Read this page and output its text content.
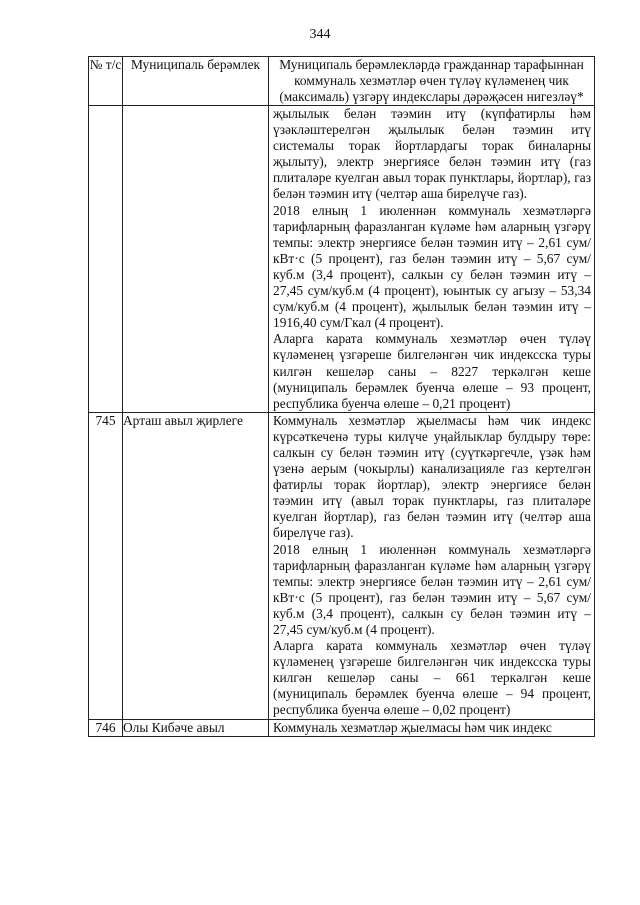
344
№ т/с	Муниципаль берәмлек	Муниципаль берәмлекләрдә гражданнар тарафыннан коммуналь хезмәтләр өчен түләү күләменең чик (максималь) үзгәрү индекслары дәрәҗәсен нигезләү*

		җылылык белән тәэмин итү (күпфатирлы һәм үзәкләштерелгән җылылык белән тәэмин итү системалы торак йортлардагы торак биналарны җылыту), электр энергиясе белән тәэмин итү (газ плиталәре куелган авыл торак пунктлары, йортлар), газ белән тәэмин итү (челтәр аша бирелүче газ).

2018 елның 1 июленнән коммуналь хезмәтләргә тарифларның фаразланган күләме һәм аларның үзгәрү темпы: электр энергиясе белән тәэмин итү – 2,61 сум/кВт·с (5 процент), газ белән тәэмин итү – 5,67 сум/куб.м (3,4 процент), салкын су белән тәэмин итү – 27,45 сум/куб.м (4 процент), юынтык су агызу – 53,34 сум/куб.м (4 процент), җылылык белән тәэмин итү – 1916,40 сум/Гкал (4 процент).

Аларга карата коммуналь хезмәтләр өчен түләү күләменең үзгәреше билгеләнгән чик индексска туры килгән кешеләр саны – 8227 теркәлгән кеше (муниципаль берәмлек буенча өлеше – 93 процент, республика буенча өлеше – 0,21 процент)

745	Арташ авыл җирлеге	Коммуналь хезмәтләр җыелмасы һәм чик индекс күрсәткеченә туры килүче уңайлыклар булдыру төре: салкын су белән тәэмин итү (суүткәргечле, үзәк һәм үзенә аерым (чокырлы) канализацияле газ кертелгән фатирлы торак йортлар), электр энергиясе белән тәэмин итү (авыл торак пунктлары, газ плиталәре куелган йортлар), газ белән тәэмин итү (челтәр аша бирелүче газ).

2018 елның 1 июленнән коммуналь хезмәтләргә тарифларның фаразланган күләме һәм аларның үзгәрү темпы: электр энергиясе белән тәэмин итү – 2,61 сум/кВт·с (5 процент), газ белән тәэмин итү – 5,67 сум/куб.м (3,4 процент), салкын су белән тәэмин итү – 27,45 сум/куб.м (4 процент).

Аларга карата коммуналь хезмәтләр өчен түләү күләменең үзгәреше билгеләнгән чик индексска туры килгән кешеләр саны – 661 теркәлгән кеше (муниципаль берәмлек буенча өлеше – 94 процент, республика буенча өлеше – 0,02 процент)

746	Олы Кибәче авыл	Коммуналь хезмәтләр җыелмасы һәм чик индекс
